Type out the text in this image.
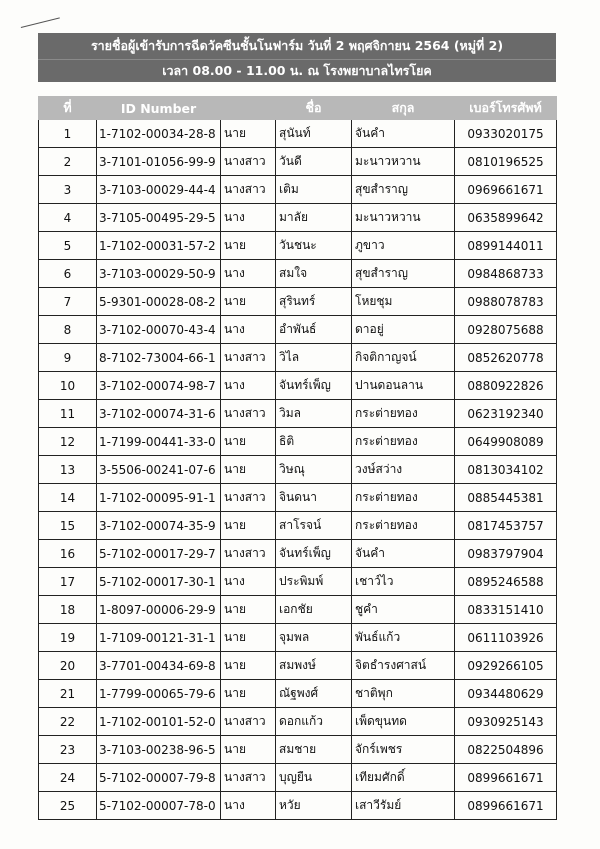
รายชื่อผู้เข้ารับการฉีดวัคซีนชั้นโนฟาร์ม วันที่ 2 พฤศจิกายน 2564 (หมู่ที่ 2)
เวลา 08.00 - 11.00 น. ณ โรงพยาบาลไทรโยค
ที่	ID Number		ชื่อ	สกุล	เบอร์โทรศัพท์
1	1-7102-00034-28-8	นาย	สุนันท์	จันคำ	0933020175
2	3-7101-01056-99-9	นางสาว	วันดี	มะนาวหวาน	0810196525
3	3-7103-00029-44-4	นางสาว	เติม	สุขสำราญ	0969661671
4	3-7105-00495-29-5	นาง	มาลัย	มะนาวหวาน	0635899642
5	1-7102-00031-57-2	นาย	วันชนะ	ภูขาว	0899144011
6	3-7103-00029-50-9	นาง	สมใจ	สุขสำราญ	0984868733
7	5-9301-00028-08-2	นาย	สุรินทร์	โหยชุม	0988078783
8	3-7102-00070-43-4	นาง	อำพันธ์	ดาอยู่	0928075688
9	8-7102-73004-66-1	นางสาว	วิไล	กิจติกาญจน์	0852620778
10	3-7102-00074-98-7	นาง	จันทร์เพ็ญ	ปานดอนลาน	0880922826
11	3-7102-00074-31-6	นางสาว	วิมล	กระต่ายทอง	0623192340
12	1-7199-00441-33-0	นาย	ธิติ	กระต่ายทอง	0649908089
13	3-5506-00241-07-6	นาย	วิษณุ	วงษ์สว่าง	0813034102
14	1-7102-00095-91-1	นางสาว	จินดนา	กระต่ายทอง	0885445381
15	3-7102-00074-35-9	นาย	สาโรจน์	กระต่ายทอง	0817453757
16	5-7102-00017-29-7	นางสาว	จันทร์เพ็ญ	จันคำ	0983797904
17	5-7102-00017-30-1	นาง	ประพิมพ์	เชาว์ไว	0895246588
18	1-8097-00006-29-9	นาย	เอกชัย	ชูคำ	0833151410
19	1-7109-00121-31-1	นาย	จุมพล	พันธ์แก้ว	0611103926
20	3-7701-00434-69-8	นาย	สมพงษ์	จิตธำรงศาสน์	0929266105
21	1-7799-00065-79-6	นาย	ณัฐพงศ์	ชาติพุก	0934480629
22	1-7102-00101-52-0	นางสาว	ดอกแก้ว	เพ็ดขุนทด	0930925143
23	3-7103-00238-96-5	นาย	สมชาย	จักร์เพชร	0822504896
24	5-7102-00007-79-8	นางสาว	บุญยืน	เทียมศักดิ์	0899661671
25	5-7102-00007-78-0	นาง	หวัย	เสาวีรัมย์	0899661671
